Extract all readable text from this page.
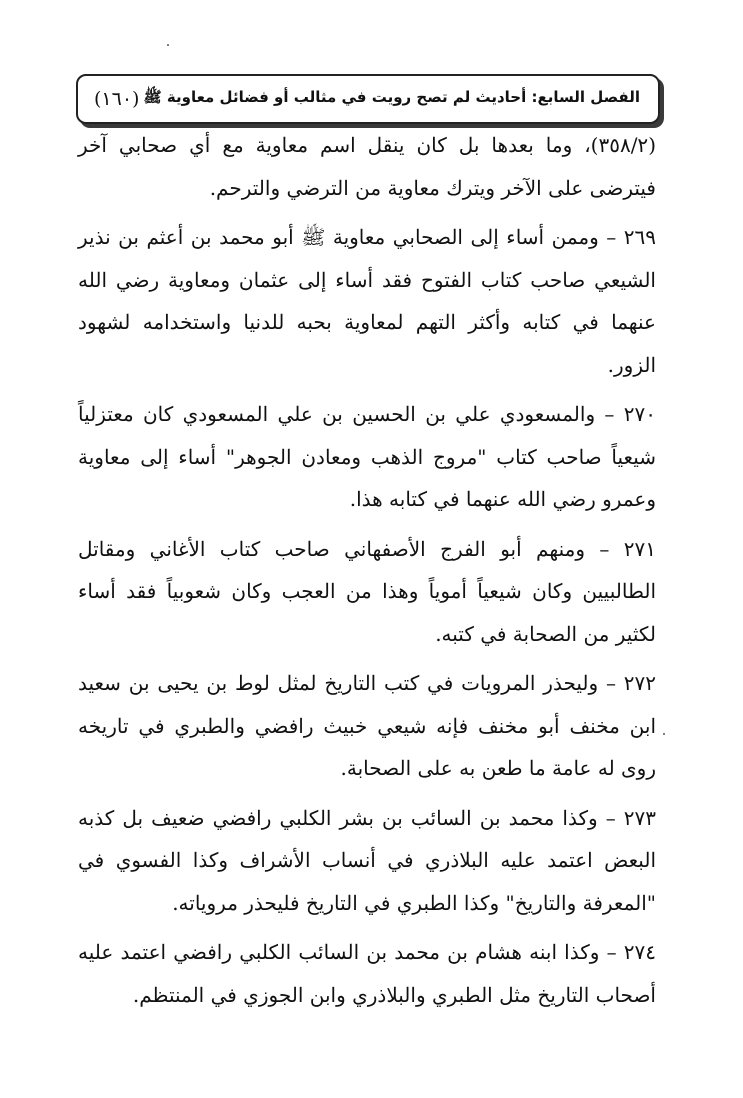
الفصل السابع: أحاديث لم تصح رويت في مثالب أو فضائل معاوية ﷺ
(١٦٠)

(٣٥٨/٢)، وما بعدها بل كان ينقل اسم معاوية مع أي صحابي آخر فيترضى على الآخر ويترك معاوية من الترضي والترحم.

٢٦٩ – وممن أساء إلى الصحابي معاوية ﷺ أبو محمد بن أعثم بن نذير الشيعي صاحب كتاب الفتوح فقد أساء إلى عثمان ومعاوية رضي الله عنهما في كتابه وأكثر التهم لمعاوية بحبه للدنيا واستخدامه لشهود الزور.

٢٧٠ – والمسعودي علي بن الحسين بن علي المسعودي كان معتزلياً شيعياً صاحب كتاب "مروج الذهب ومعادن الجوهر" أساء إلى معاوية وعمرو رضي الله عنهما في كتابه هذا.

٢٧١ – ومنهم أبو الفرج الأصفهاني صاحب كتاب الأغاني ومقاتل الطالبيين وكان شيعياً أموياً وهذا من العجب وكان شعوبياً فقد أساء لكثير من الصحابة في كتبه.

٢٧٢ – وليحذر المرويات في كتب التاريخ لمثل لوط بن يحيى بن سعيد ابن مخنف أبو مخنف فإنه شيعي خبيث رافضي والطبري في تاريخه روى له عامة ما طعن به على الصحابة.

٢٧٣ – وكذا محمد بن السائب بن بشر الكلبي رافضي ضعيف بل كذبه البعض اعتمد عليه البلاذري في أنساب الأشراف وكذا الفسوي في "المعرفة والتاريخ" وكذا الطبري في التاريخ فليحذر مروياته.

٢٧٤ – وكذا ابنه هشام بن محمد بن السائب الكلبي رافضي اعتمد عليه أصحاب التاريخ مثل الطبري والبلاذري وابن الجوزي في المنتظم.
